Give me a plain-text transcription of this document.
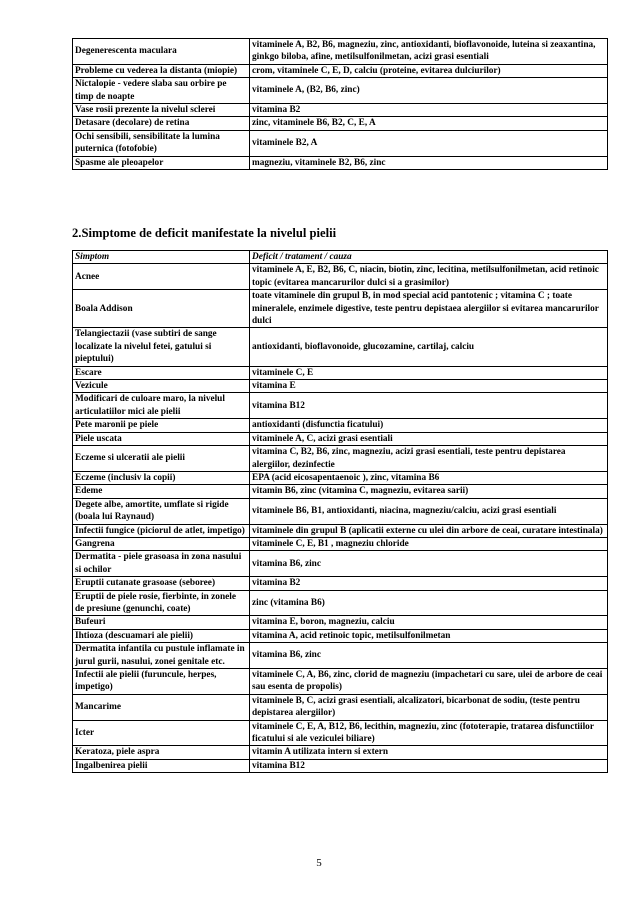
Degenerescenta maculara	vitaminele A, B2, B6, magneziu, zinc, antioxidanti, bioflavonoide, luteina si zeaxantina, ginkgo biloba, afine, metilsulfonilmetan, acizi grasi esentiali
Probleme cu vederea la distanta (miopie)	crom, vitaminele C, E, D, calciu (proteine, evitarea dulciurilor)
Nictalopie - vedere slaba sau orbire pe timp de noapte	vitaminele A, (B2, B6, zinc)
Vase rosii prezente la nivelul sclerei	vitamina B2
Detasare (decolare) de retina	zinc, vitaminele B6, B2, C, E, A
Ochi sensibili, sensibilitate la lumina puternica (fotofobie)	vitaminele B2, A
Spasme ale pleoapelor	magneziu, vitaminele B2, B6, zinc
2.Simptome de deficit manifestate la nivelul pielii
Simptom	Deficit / tratament / cauza
Acnee	vitaminele A, E, B2, B6, C, niacin, biotin, zinc, lecitina, metilsulfonilmetan, acid retinoic topic (evitarea mancarurilor dulci si a grasimilor)
Boala Addison	toate vitaminele din grupul B, in mod special acid pantotenic ; vitamina C ; toate mineralele, enzimele digestive, teste pentru depistaea alergiilor si evitarea mancarurilor dulci
Telangiectazii (vase subtiri de sange localizate la nivelul fetei, gatului si pieptului)	antioxidanti, bioflavonoide, glucozamine, cartilaj, calciu
Escare	vitaminele C, E
Vezicule	vitamina E
Modificari de culoare maro, la nivelul articulatiilor mici ale pielii	vitamina B12
Pete maronii pe piele	antioxidanti (disfunctia ficatului)
Piele uscata	vitaminele A, C, acizi grasi esentiali
Eczeme si ulceratii ale pielii	vitamina C, B2, B6, zinc, magneziu, acizi grasi esentiali, teste pentru depistarea alergiilor, dezinfectie
Eczeme (inclusiv la copii)	EPA (acid eicosapentaenoic ), zinc, vitamina B6
Edeme	vitamin B6, zinc (vitamina C, magneziu, evitarea sarii)
Degete albe, amortite, umflate si rigide (boala lui Raynaud)	vitaminele B6, B1, antioxidanti, niacina, magneziu/calciu, acizi grasi esentiali
Infectii fungice (piciorul de atlet, impetigo)	vitaminele din grupul B (aplicatii externe cu ulei din arbore de ceai, curatare intestinala)
Gangrena	vitaminele C, E, B1 , magneziu chloride
Dermatita - piele grasoasa in zona nasului si ochilor	vitamina B6, zinc
Eruptii cutanate grasoase (seboree)	vitamina B2
Eruptii de piele rosie, fierbinte, in zonele de presiune (genunchi, coate)	zinc (vitamina B6)
Bufeuri	vitamina E, boron, magneziu, calciu
Ihtioza (descuamari ale pielii)	vitamina A, acid retinoic topic, metilsulfonilmetan
Dermatita infantila cu pustule inflamate in jurul gurii, nasului, zonei genitale etc.	vitamina B6, zinc
Infectii ale pielii (furuncule, herpes, impetigo)	vitaminele C, A, B6, zinc, clorid de magneziu (impachetari cu sare, ulei de arbore de ceai sau esenta de propolis)
Mancarime	vitaminele B, C, acizi grasi esentiali, alcalizatori, bicarbonat de sodiu, (teste pentru depistarea alergiilor)
Icter	vitaminele C, E, A, B12, B6, lecithin, magneziu, zinc (fototerapie, tratarea disfunctiilor ficatului si ale veziculei biliare)
Keratoza, piele aspra	vitamin A utilizata intern si extern
Ingalbenirea pielii	vitamina B12
5
